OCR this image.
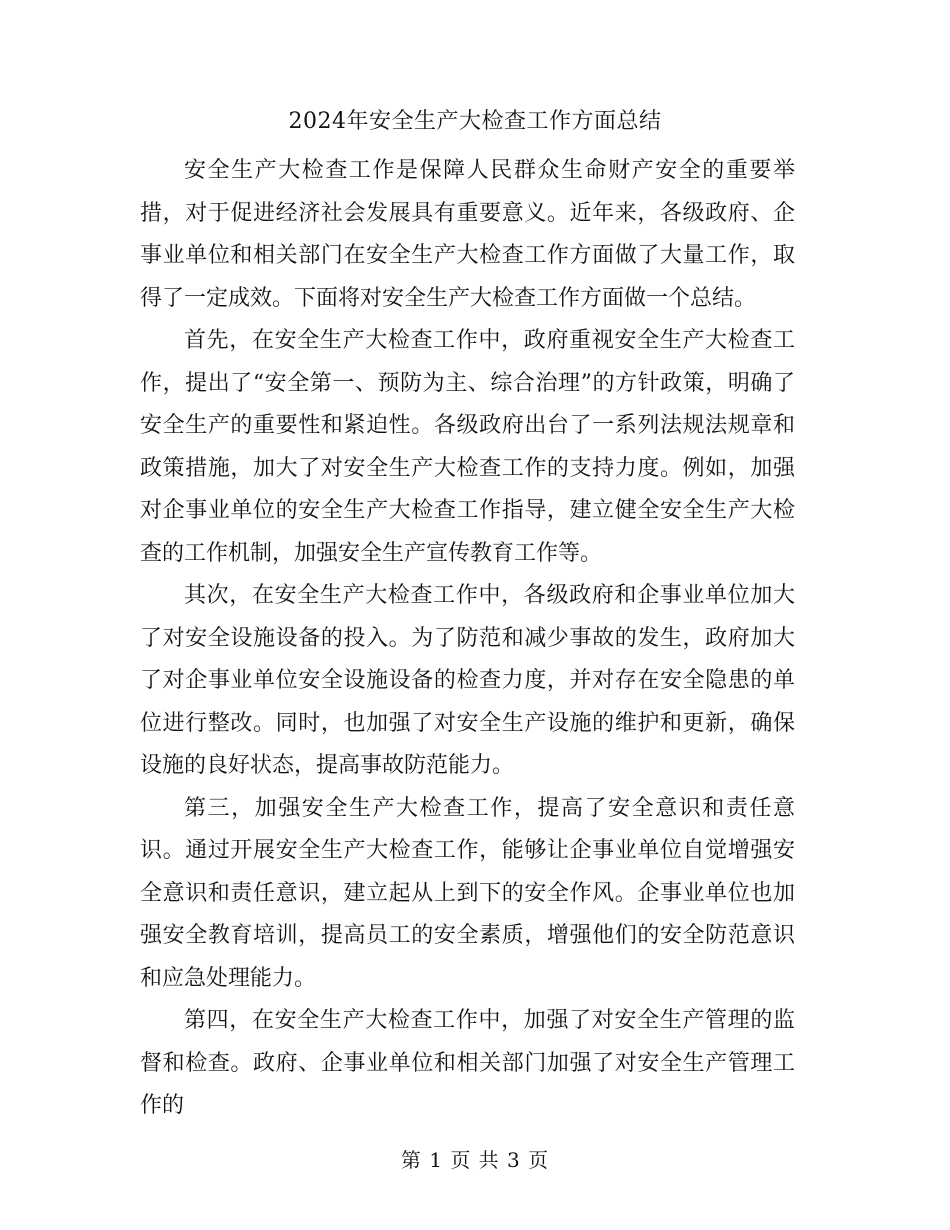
2024年安全生产大检查工作方面总结

安全生产大检查工作是保障人民群众生命财产安全的重要举措，对于促进经济社会发展具有重要意义。近年来，各级政府、企事业单位和相关部门在安全生产大检查工作方面做了大量工作，取得了一定成效。下面将对安全生产大检查工作方面做一个总结。

首先，在安全生产大检查工作中，政府重视安全生产大检查工作，提出了“安全第一、预防为主、综合治理”的方针政策，明确了安全生产的重要性和紧迫性。各级政府出台了一系列法规法规章和政策措施，加大了对安全生产大检查工作的支持力度。例如，加强对企事业单位的安全生产大检查工作指导，建立健全安全生产大检查的工作机制，加强安全生产宣传教育工作等。

其次，在安全生产大检查工作中，各级政府和企事业单位加大了对安全设施设备的投入。为了防范和减少事故的发生，政府加大了对企事业单位安全设施设备的检查力度，并对存在安全隐患的单位进行整改。同时，也加强了对安全生产设施的维护和更新，确保设施的良好状态，提高事故防范能力。

第三，加强安全生产大检查工作，提高了安全意识和责任意识。通过开展安全生产大检查工作，能够让企事业单位自觉增强安全意识和责任意识，建立起从上到下的安全作风。企事业单位也加强安全教育培训，提高员工的安全素质，增强他们的安全防范意识和应急处理能力。

第四，在安全生产大检查工作中，加强了对安全生产管理的监督和检查。政府、企事业单位和相关部门加强了对安全生产管理工作的

第 1 页 共 3 页
